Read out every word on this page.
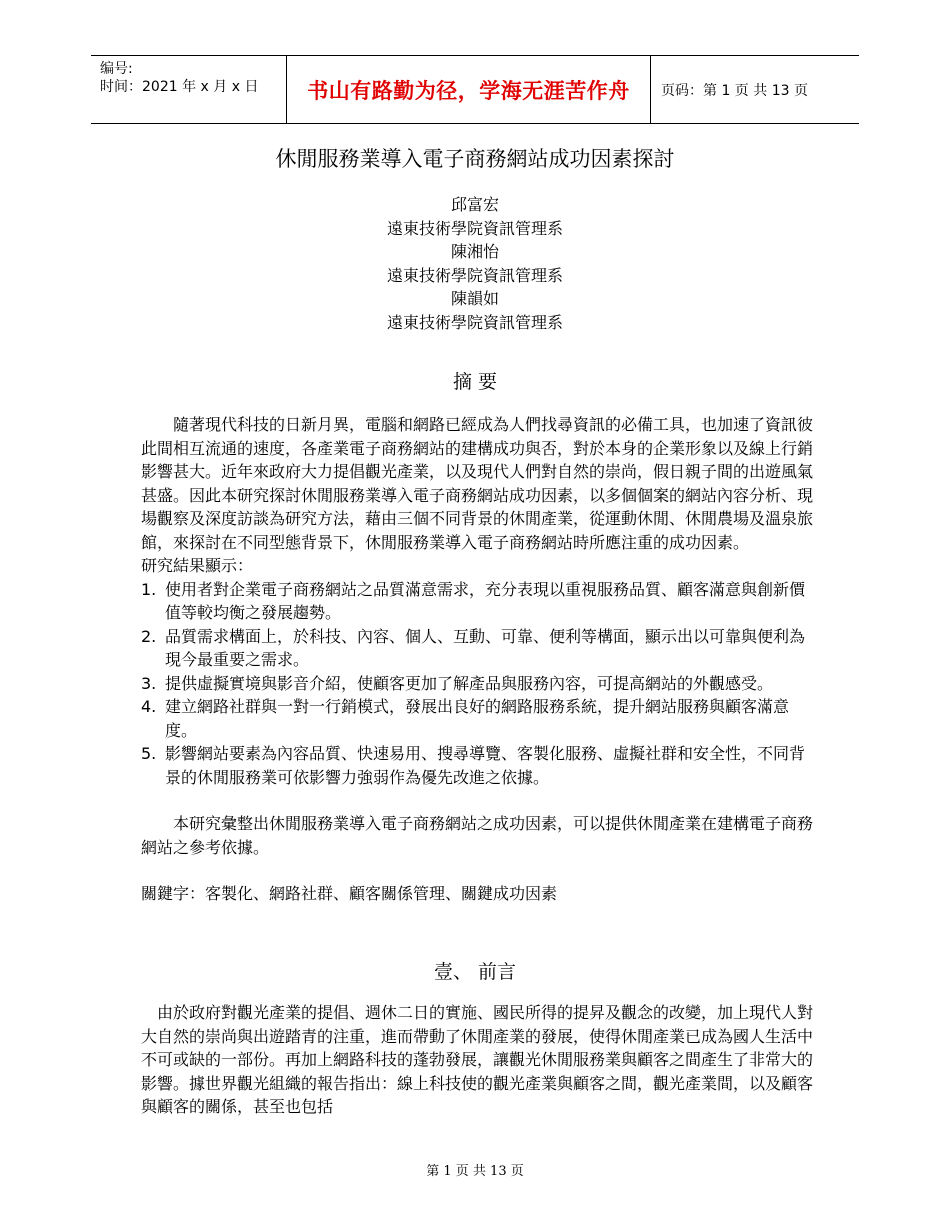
编号:
时间：2021 年 x 月 x 日	书山有路勤为径，学海无涯苦作舟 页码：第 1 页 共 13 页
休閒服務業導入電子商務網站成功因素探討
邱富宏
遠東技術學院資訊管理系
陳湘怡
遠東技術學院資訊管理系
陳韻如
遠東技術學院資訊管理系
摘 要

隨著現代科技的日新月異，電腦和網路已經成為人們找尋資訊的必備工具，也加速了資訊彼此間相互流通的速度，各產業電子商務網站的建構成功與否，對於本身的企業形象以及線上行銷影響甚大。近年來政府大力提倡觀光產業，以及現代人們對自然的崇尚，假日親子間的出遊風氣甚盛。因此本研究探討休閒服務業導入電子商務網站成功因素，以多個個案的網站內容分析、現場觀察及深度訪談為研究方法，藉由三個不同背景的休閒產業，從運動休閒、休閒農場及溫泉旅館，來探討在不同型態背景下，休閒服務業導入電子商務網站時所應注重的成功因素。

研究結果顯示：
1. 使用者對企業電子商務網站之品質滿意需求，充分表現以重視服務品質、顧客滿意與創新價值等較均衡之發展趨勢。
2. 品質需求構面上，於科技、內容、個人、互動、可靠、便利等構面，顯示出以可靠與便利為現今最重要之需求。
3. 提供虛擬實境與影音介紹，使顧客更加了解產品與服務內容，可提高網站的外觀感受。
4. 建立網路社群與一對一行銷模式，發展出良好的網路服務系統，提升網站服務與顧客滿意度。
5. 影響網站要素為內容品質、快速易用、搜尋導覽、客製化服務、虛擬社群和安全性，不同背景的休閒服務業可依影響力強弱作為優先改進之依據。

本研究彙整出休閒服務業導入電子商務網站之成功因素，可以提供休閒產業在建構電子商務網站之參考依據。

關鍵字：客製化、網路社群、顧客關係管理、關鍵成功因素
壹、 前言

由於政府對觀光產業的提倡、週休二日的實施、國民所得的提昇及觀念的改變，加上現代人對大自然的崇尚與出遊踏青的注重，進而帶動了休閒產業的發展，使得休閒產業已成為國人生活中不可或缺的一部份。再加上網路科技的蓬勃發展，讓觀光休閒服務業與顧客之間產生了非常大的影響。據世界觀光組織的報告指出：線上科技使的觀光產業與顧客之間，觀光產業間，以及顧客與顧客的關係，甚至也包括

第 1 页 共 13 页
